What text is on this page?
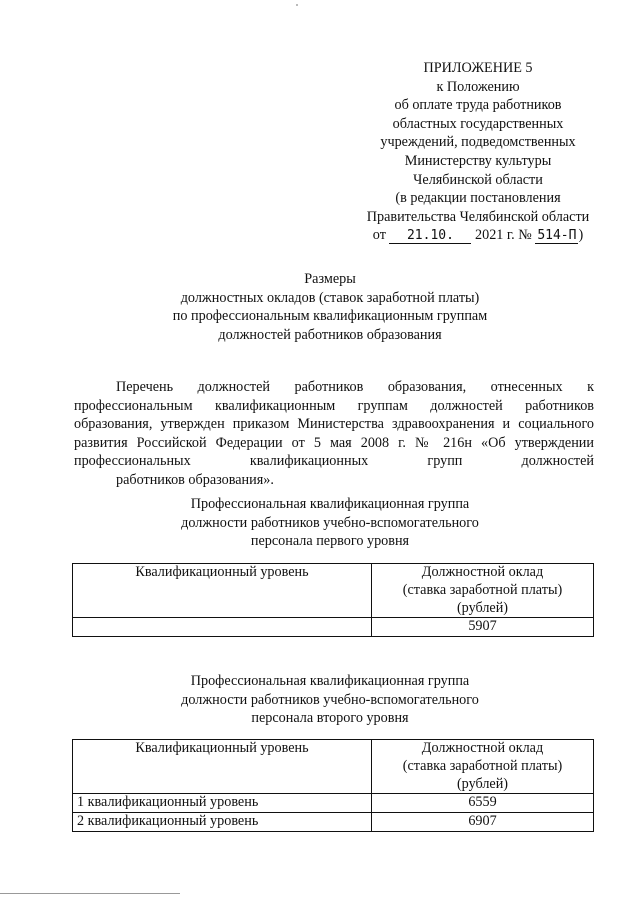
ПРИЛОЖЕНИЕ 5
к Положению
об оплате труда работников
областных государственных
учреждений, подведомственных
Министерству культуры
Челябинской области
(в редакции постановления
Правительства Челябинской области
от 21.10. 2021 г. № 514-П )
Размеры
должностных окладов (ставок заработной платы)
по профессиональным квалификационным группам
должностей работников образования

Перечень должностей работников образования, отнесенных к профессиональным квалификационным группам должностей работников образования, утвержден приказом Министерства здравоохранения и социального развития Российской Федерации от 5 мая 2008 г. № 216н «Об утверждении профессиональных квалификационных групп должностей
работников образования».

Профессиональная квалификационная группа
должности работников учебно-вспомогательного
персонала первого уровня
Квалификационный уровень	Должностной оклад
(ставка заработной платы)
(рублей)

	5907
Профессиональная квалификационная группа
должности работников учебно-вспомогательного
персонала второго уровня
Квалификационный уровень	Должностной оклад
(ставка заработной платы)
(рублей)

1 квалификационный уровень	6559
2 квалификационный уровень	6907
